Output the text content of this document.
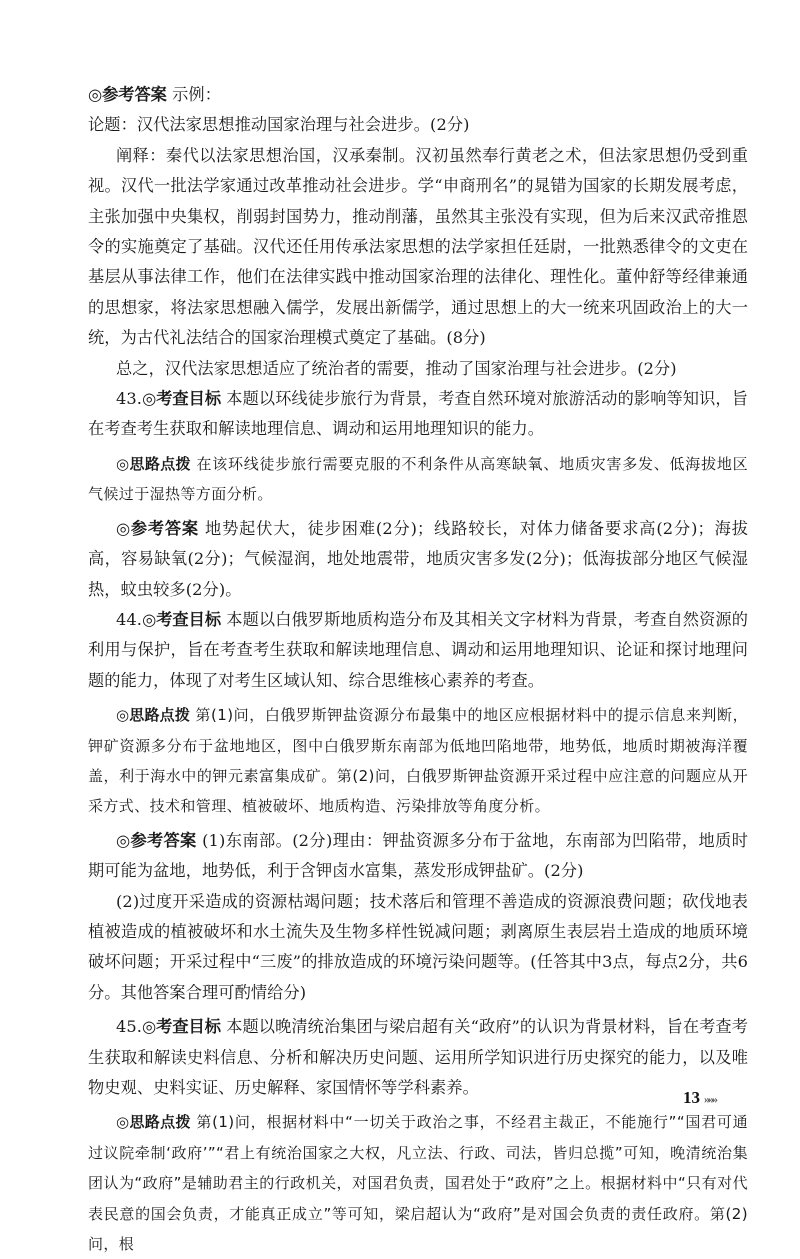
◎参考答案 示例：

论题：汉代法家思想推动国家治理与社会进步。(2分)

阐释：秦代以法家思想治国，汉承秦制。汉初虽然奉行黄老之术，但法家思想仍受到重视。汉代一批法学家通过改革推动社会进步。学“申商刑名”的晁错为国家的长期发展考虑，主张加强中央集权，削弱封国势力，推动削藩，虽然其主张没有实现，但为后来汉武帝推恩令的实施奠定了基础。汉代还任用传承法家思想的法学家担任廷尉，一批熟悉律令的文吏在基层从事法律工作，他们在法律实践中推动国家治理的法律化、理性化。董仲舒等经律兼通的思想家，将法家思想融入儒学，发展出新儒学，通过思想上的大一统来巩固政治上的大一统，为古代礼法结合的国家治理模式奠定了基础。(8分)

总之，汉代法家思想适应了统治者的需要，推动了国家治理与社会进步。(2分)

43.◎考查目标 本题以环线徒步旅行为背景，考查自然环境对旅游活动的影响等知识，旨在考查考生获取和解读地理信息、调动和运用地理知识的能力。

◎思路点拨 在该环线徒步旅行需要克服的不利条件从高寒缺氧、地质灾害多发、低海拔地区气候过于湿热等方面分析。

◎参考答案 地势起伏大，徒步困难(2分)；线路较长，对体力储备要求高(2分)；海拔高，容易缺氧(2分)；气候湿润，地处地震带，地质灾害多发(2分)；低海拔部分地区气候湿热，蚊虫较多(2分)。

44.◎考查目标 本题以白俄罗斯地质构造分布及其相关文字材料为背景，考查自然资源的利用与保护，旨在考查考生获取和解读地理信息、调动和运用地理知识、论证和探讨地理问题的能力，体现了对考生区域认知、综合思维核心素养的考查。

◎思路点拨 第(1)问，白俄罗斯钾盐资源分布最集中的地区应根据材料中的提示信息来判断，钾矿资源多分布于盆地地区，图中白俄罗斯东南部为低地凹陷地带，地势低，地质时期被海洋覆盖，利于海水中的钾元素富集成矿。第(2)问，白俄罗斯钾盐资源开采过程中应注意的问题应从开采方式、技术和管理、植被破坏、地质构造、污染排放等角度分析。

◎参考答案 (1)东南部。(2分)理由：钾盐资源多分布于盆地，东南部为凹陷带，地质时期可能为盆地，地势低，利于含钾卤水富集，蒸发形成钾盐矿。(2分)

(2)过度开采造成的资源枯竭问题；技术落后和管理不善造成的资源浪费问题；砍伐地表植被造成的植被破坏和水土流失及生物多样性锐减问题；剥离原生表层岩土造成的地质环境破坏问题；开采过程中“三废”的排放造成的环境污染问题等。(任答其中3点，每点2分，共6分。其他答案合理可酌情给分)

45.◎考查目标 本题以晚清统治集团与梁启超有关“政府”的认识为背景材料，旨在考查考生获取和解读史料信息、分析和解决历史问题、运用所学知识进行历史探究的能力，以及唯物史观、史料实证、历史解释、家国情怀等学科素养。

◎思路点拨 第(1)问，根据材料中“一切关于政治之事，不经君主裁正，不能施行”“国君可通过议院牵制‘政府’”“君上有统治国家之大权，凡立法、行政、司法，皆归总揽”可知，晚清统治集团认为“政府”是辅助君主的行政机关，对国君负责，国君处于“政府”之上。根据材料中“只有对代表民意的国会负责，才能真正成立”等可知，梁启超认为“政府”是对国会负责的责任政府。第(2)问，根

13 »»»
